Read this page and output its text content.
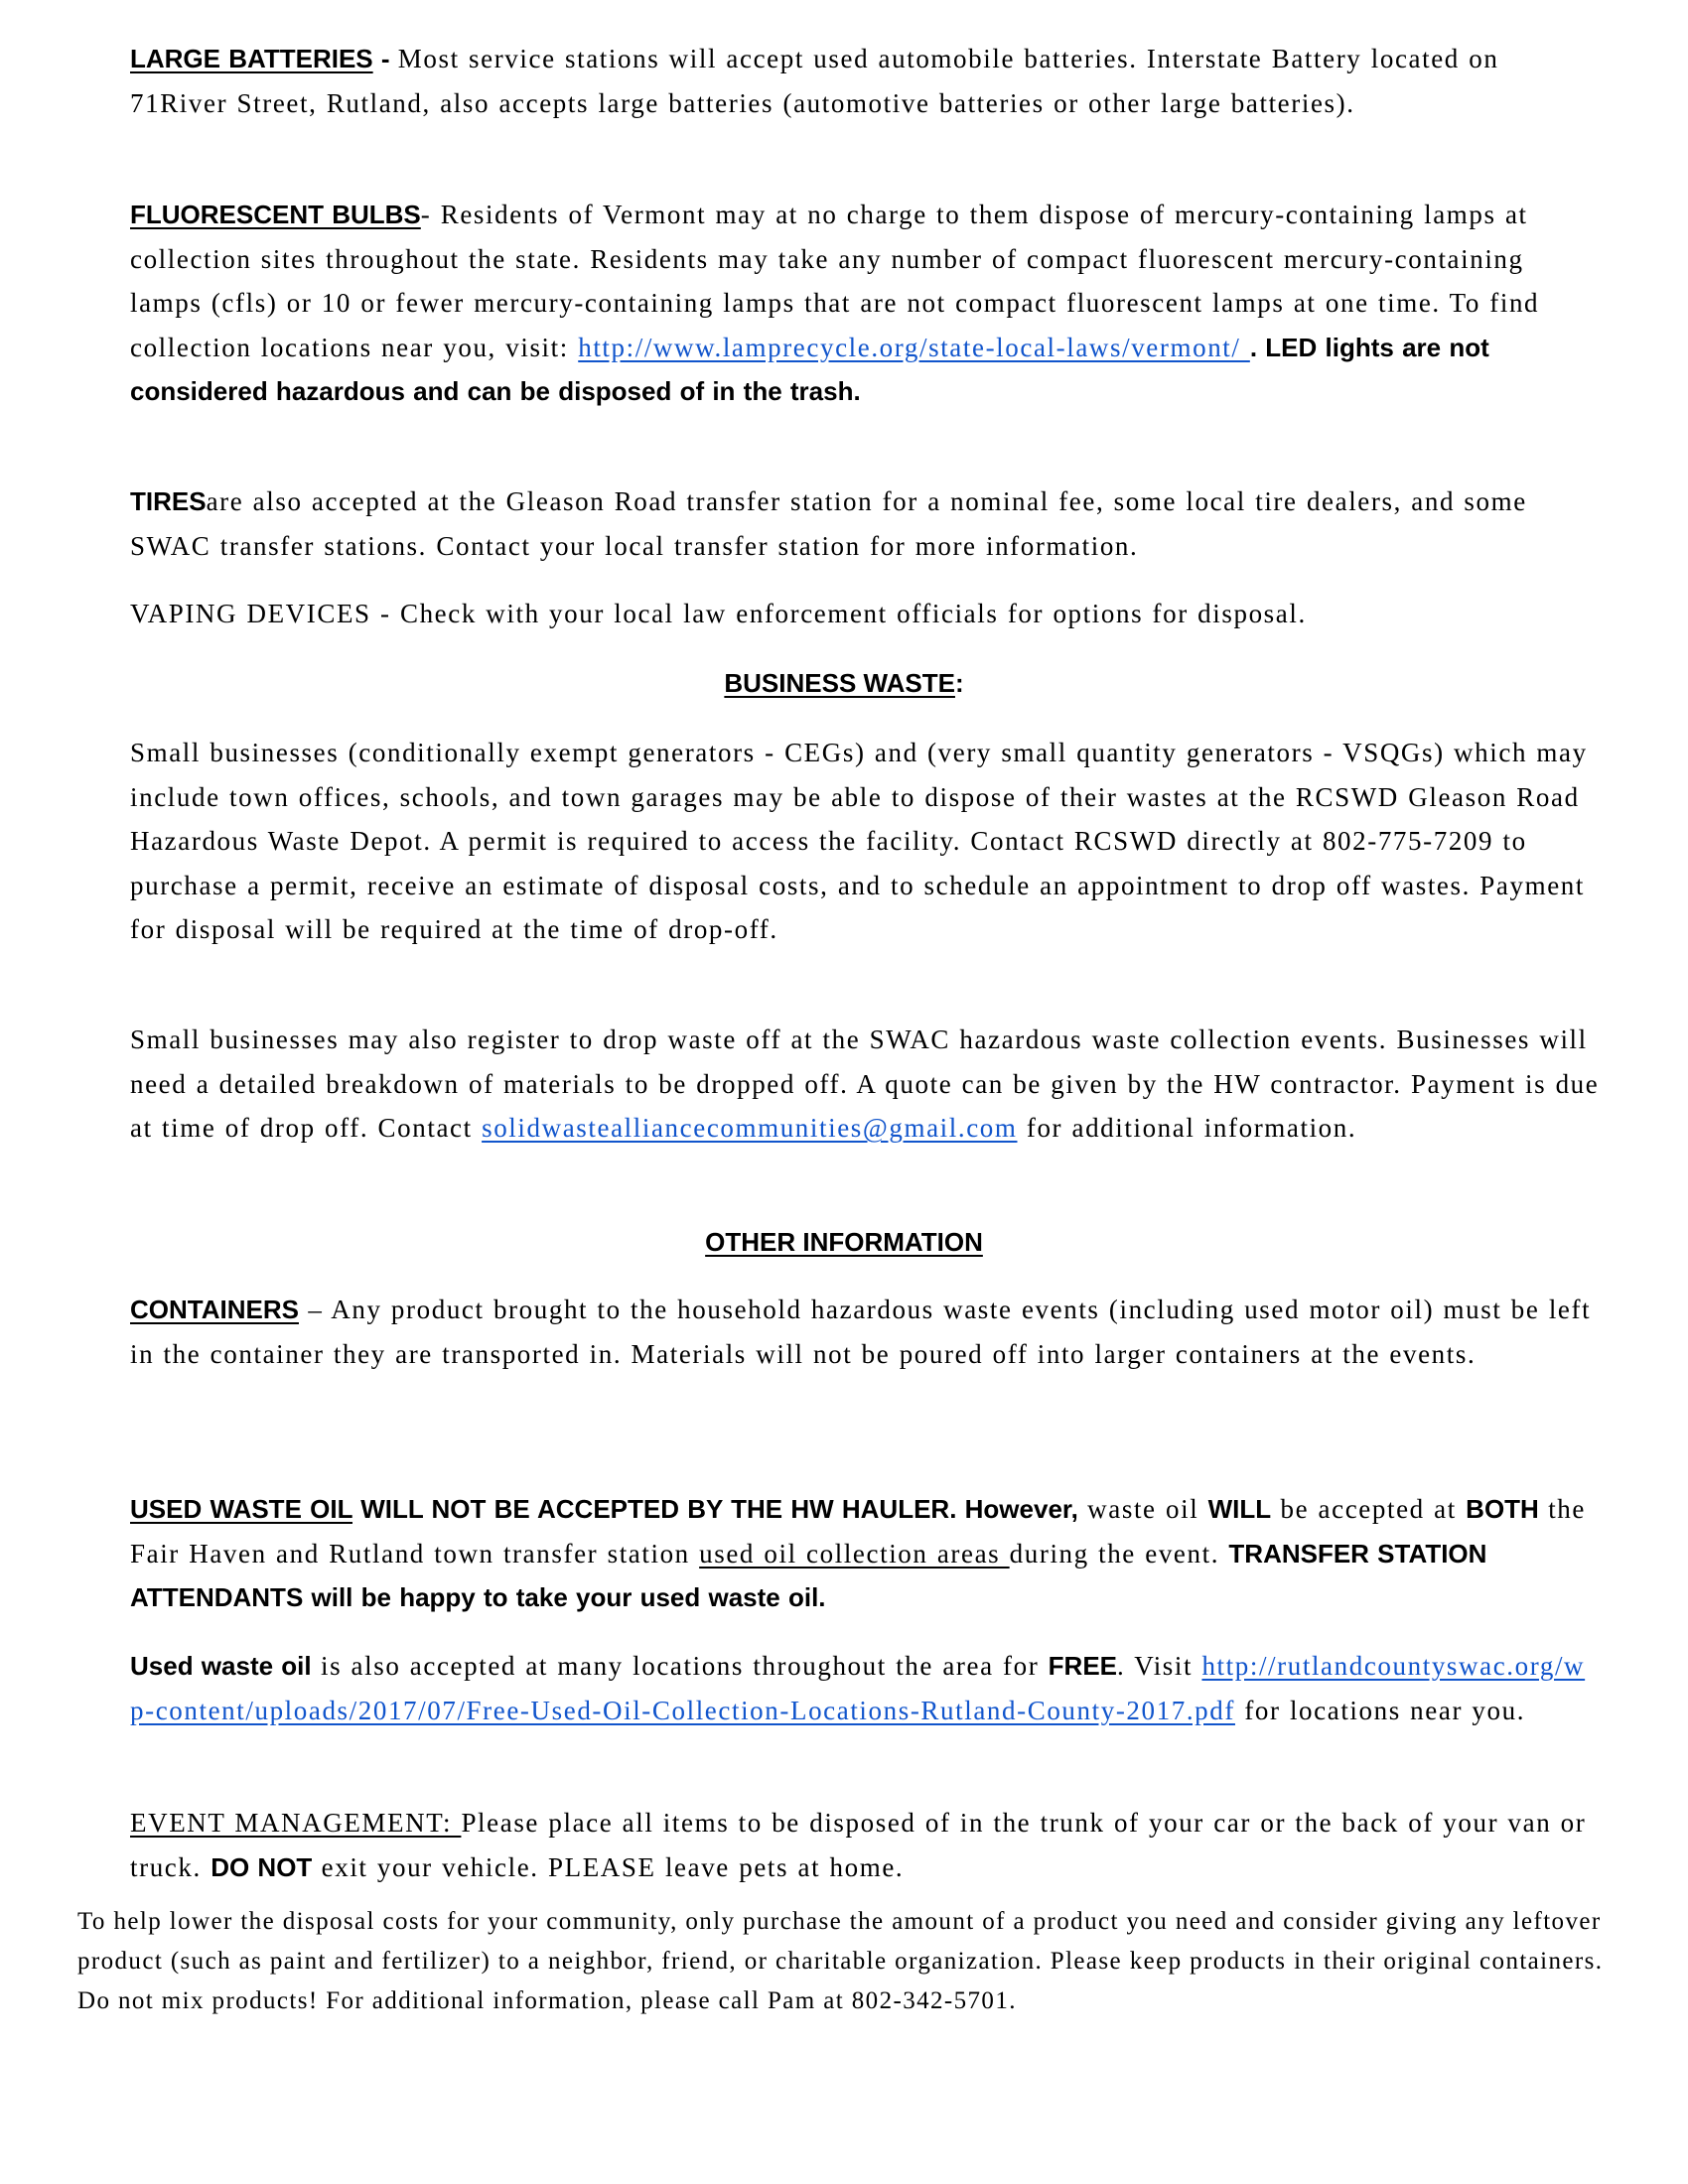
LARGE BATTERIES - Most service stations will accept used automobile batteries. Interstate Battery located on 71River Street, Rutland, also accepts large batteries (automotive batteries or other large batteries).

FLUORESCENT BULBS- Residents of Vermont may at no charge to them dispose of mercury-containing lamps at collection sites throughout the state. Residents may take any number of compact fluorescent mercury-containing lamps (cfls) or 10 or fewer mercury-containing lamps that are not compact fluorescent lamps at one time. To find collection locations near you, visit: http://www.lamprecycle.org/state-local-laws/vermont/ . LED lights are not considered hazardous and can be disposed of in the trash.

TIRESare also accepted at the Gleason Road transfer station for a nominal fee, some local tire dealers, and some SWAC transfer stations. Contact your local transfer station for more information.

VAPING DEVICES - Check with your local law enforcement officials for options for disposal.

BUSINESS WASTE:

Small businesses (conditionally exempt generators - CEGs) and (very small quantity generators - VSQGs) which may include town offices, schools, and town garages may be able to dispose of their wastes at the RCSWD Gleason Road Hazardous Waste Depot. A permit is required to access the facility. Contact RCSWD directly at 802-775-7209 to purchase a permit, receive an estimate of disposal costs, and to schedule an appointment to drop off wastes. Payment for disposal will be required at the time of drop-off.

Small businesses may also register to drop waste off at the SWAC hazardous waste collection events. Businesses will need a detailed breakdown of materials to be dropped off. A quote can be given by the HW contractor. Payment is due at time of drop off. Contact solidwastealliancecommunities@gmail.com for additional information.

OTHER INFORMATION

CONTAINERS – Any product brought to the household hazardous waste events (including used motor oil) must be left in the container they are transported in. Materials will not be poured off into larger containers at the events.

USED WASTE OIL WILL NOT BE ACCEPTED BY THE HW HAULER. However, waste oil WILL be accepted at BOTH the Fair Haven and Rutland town transfer station used oil collection areas during the event. TRANSFER STATION ATTENDANTS will be happy to take your used waste oil.

Used waste oil is also accepted at many locations throughout the area for FREE. Visit http://rutlandcountyswac.org/wp-content/uploads/2017/07/Free-Used-Oil-Collection-Locations-Rutland-County-2017.pdf for locations near you.

EVENT MANAGEMENT: Please place all items to be disposed of in the trunk of your car or the back of your van or truck. DO NOT exit your vehicle. PLEASE leave pets at home.

To help lower the disposal costs for your community, only purchase the amount of a product you need and consider giving any leftover product (such as paint and fertilizer) to a neighbor, friend, or charitable organization. Please keep products in their original containers. Do not mix products! For additional information, please call Pam at 802-342-5701.
